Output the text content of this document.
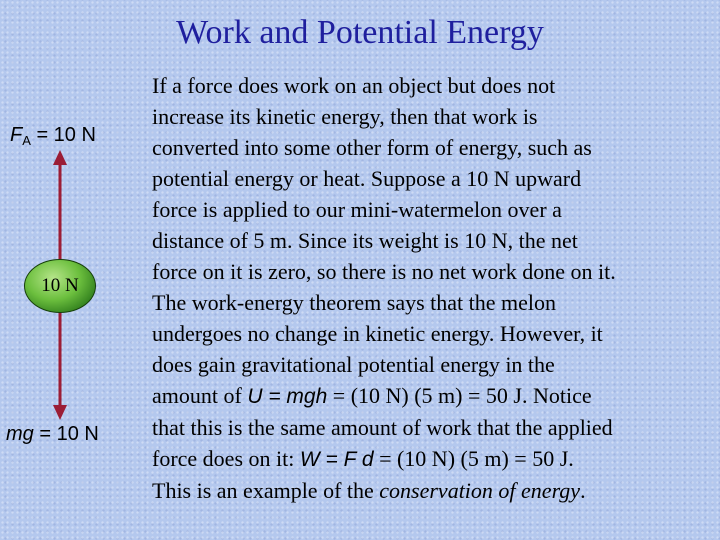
Work and Potential Energy
$F_A = 10$ N
10 N
mg = 10 N
If a force does work on an object but does not
increase its kinetic energy, then that work is
converted into some other form of energy, such as
potential energy or heat. Suppose a 10 N upward
force is applied to our mini-watermelon over a
distance of 5 m. Since its weight is 10 N, the net
force on it is zero, so there is no net work done on it.
The work-energy theorem says that the melon
undergoes no change in kinetic energy. However, it
does gain gravitational potential energy in the
amount of U = mgh = (10 N) (5 m) = 50 J. Notice
that this is the same amount of work that the applied
force does on it: W = F d = (10 N) (5 m) = 50 J.
This is an example of the conservation of energy.
